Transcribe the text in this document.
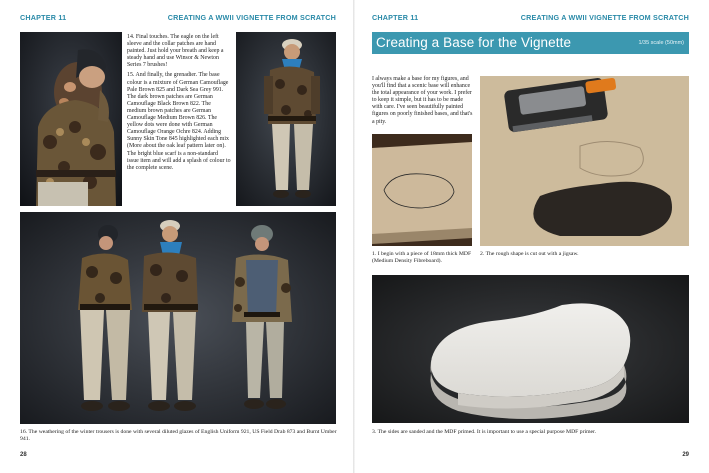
CHAPTER 11	CREATING A WWII VIGNETTE FROM SCRATCH

14. Final touches. The eagle on the left sleeve and the collar patches are hand painted. Just hold your breath and keep a steady hand and use Winsor & Newton Series 7 brushes!

15. And finally, the grenadier. The base colour is a mixture of German Camouflage Pale Brown 825 and Dark Sea Grey 991. The dark brown patches are German Camouflage Black Brown 822. The medium brown patches are German Camouflage Medium Brown 826. The yellow dots were done with German Camouflage Orange Ochre 824. Adding Sunny Skin Tone 845 highlighted each mix (More about the oak leaf pattern later on). The bright blue scarf is a non-standard issue item and will add a splash of colour to the complete scene.

16. The weathering of the winter trousers is done with several diluted glazes of English Uniform 921, US Field Drab 873 and Burnt Umber 941.
28
CHAPTER 11	CREATING A WWII VIGNETTE FROM SCRATCH
29
Creating a Base for the Vignette	1/35 scale (50mm)
I always make a base for my figures, and you'll find that a scenic base will enhance the total appearance of your work. I prefer to keep it simple, but it has to be made with care. I've seen beautifully painted figures on poorly finished bases, and that's a pity.
1. I begin with a piece of 18mm thick MDF (Medium Density Fibreboard).
2. The rough shape is cut out with a jigsaw.
3. The sides are sanded and the MDF primed. It is important to use a special purpose MDF primer.
